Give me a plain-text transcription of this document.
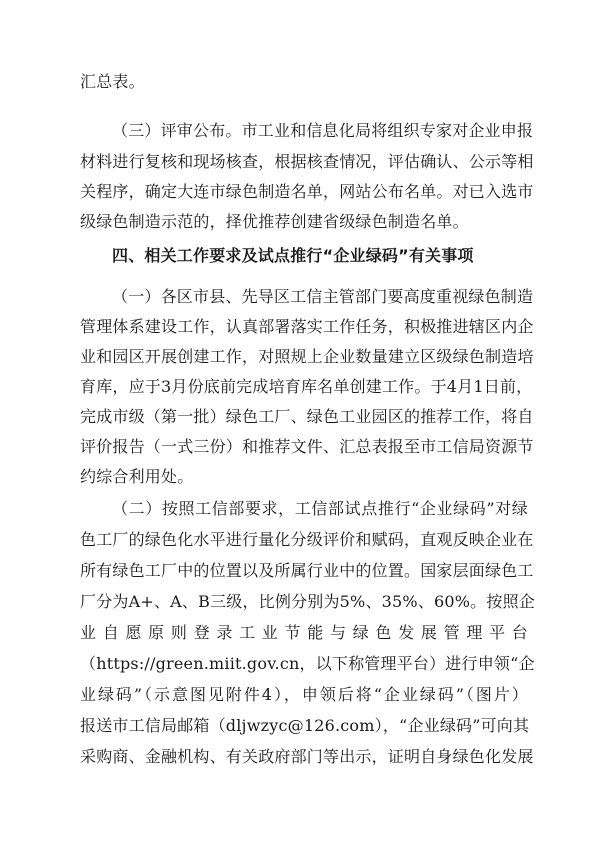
汇总表。
（三）评审公布。市工业和信息化局将组织专家对企业申报
材料进行复核和现场核查，根据核查情况，评估确认、公示等相
关程序，确定大连市绿色制造名单，网站公布名单。对已入选市
级绿色制造示范的，择优推荐创建省级绿色制造名单。
四、相关工作要求及试点推行“企业绿码”有关事项
（一）各区市县、先导区工信主管部门要高度重视绿色制造
管理体系建设工作，认真部署落实工作任务，积极推进辖区内企
业和园区开展创建工作，对照规上企业数量建立区级绿色制造培
育库，应于3月份底前完成培育库名单创建工作。于4月1日前，
完成市级（第一批）绿色工厂、绿色工业园区的推荐工作，将自
评价报告（一式三份）和推荐文件、汇总表报至市工信局资源节
约综合利用处。
（二）按照工信部要求，工信部试点推行“企业绿码”对绿
色工厂的绿色化水平进行量化分级评价和赋码，直观反映企业在
所有绿色工厂中的位置以及所属行业中的位置。国家层面绿色工
厂分为A+、A、B三级，比例分别为5%、35%、60%。按照企
业自愿原则登录工业节能与绿色发展管理平台
（https://green.miit.gov.cn，以下称管理平台）进行申领“企
业绿码”（示意图见附件4），申领后将“企业绿码”（图片）
报送市工信局邮箱（dljwzyc@126.com），“企业绿码”可向其
采购商、金融机构、有关政府部门等出示，证明自身绿色化发展
